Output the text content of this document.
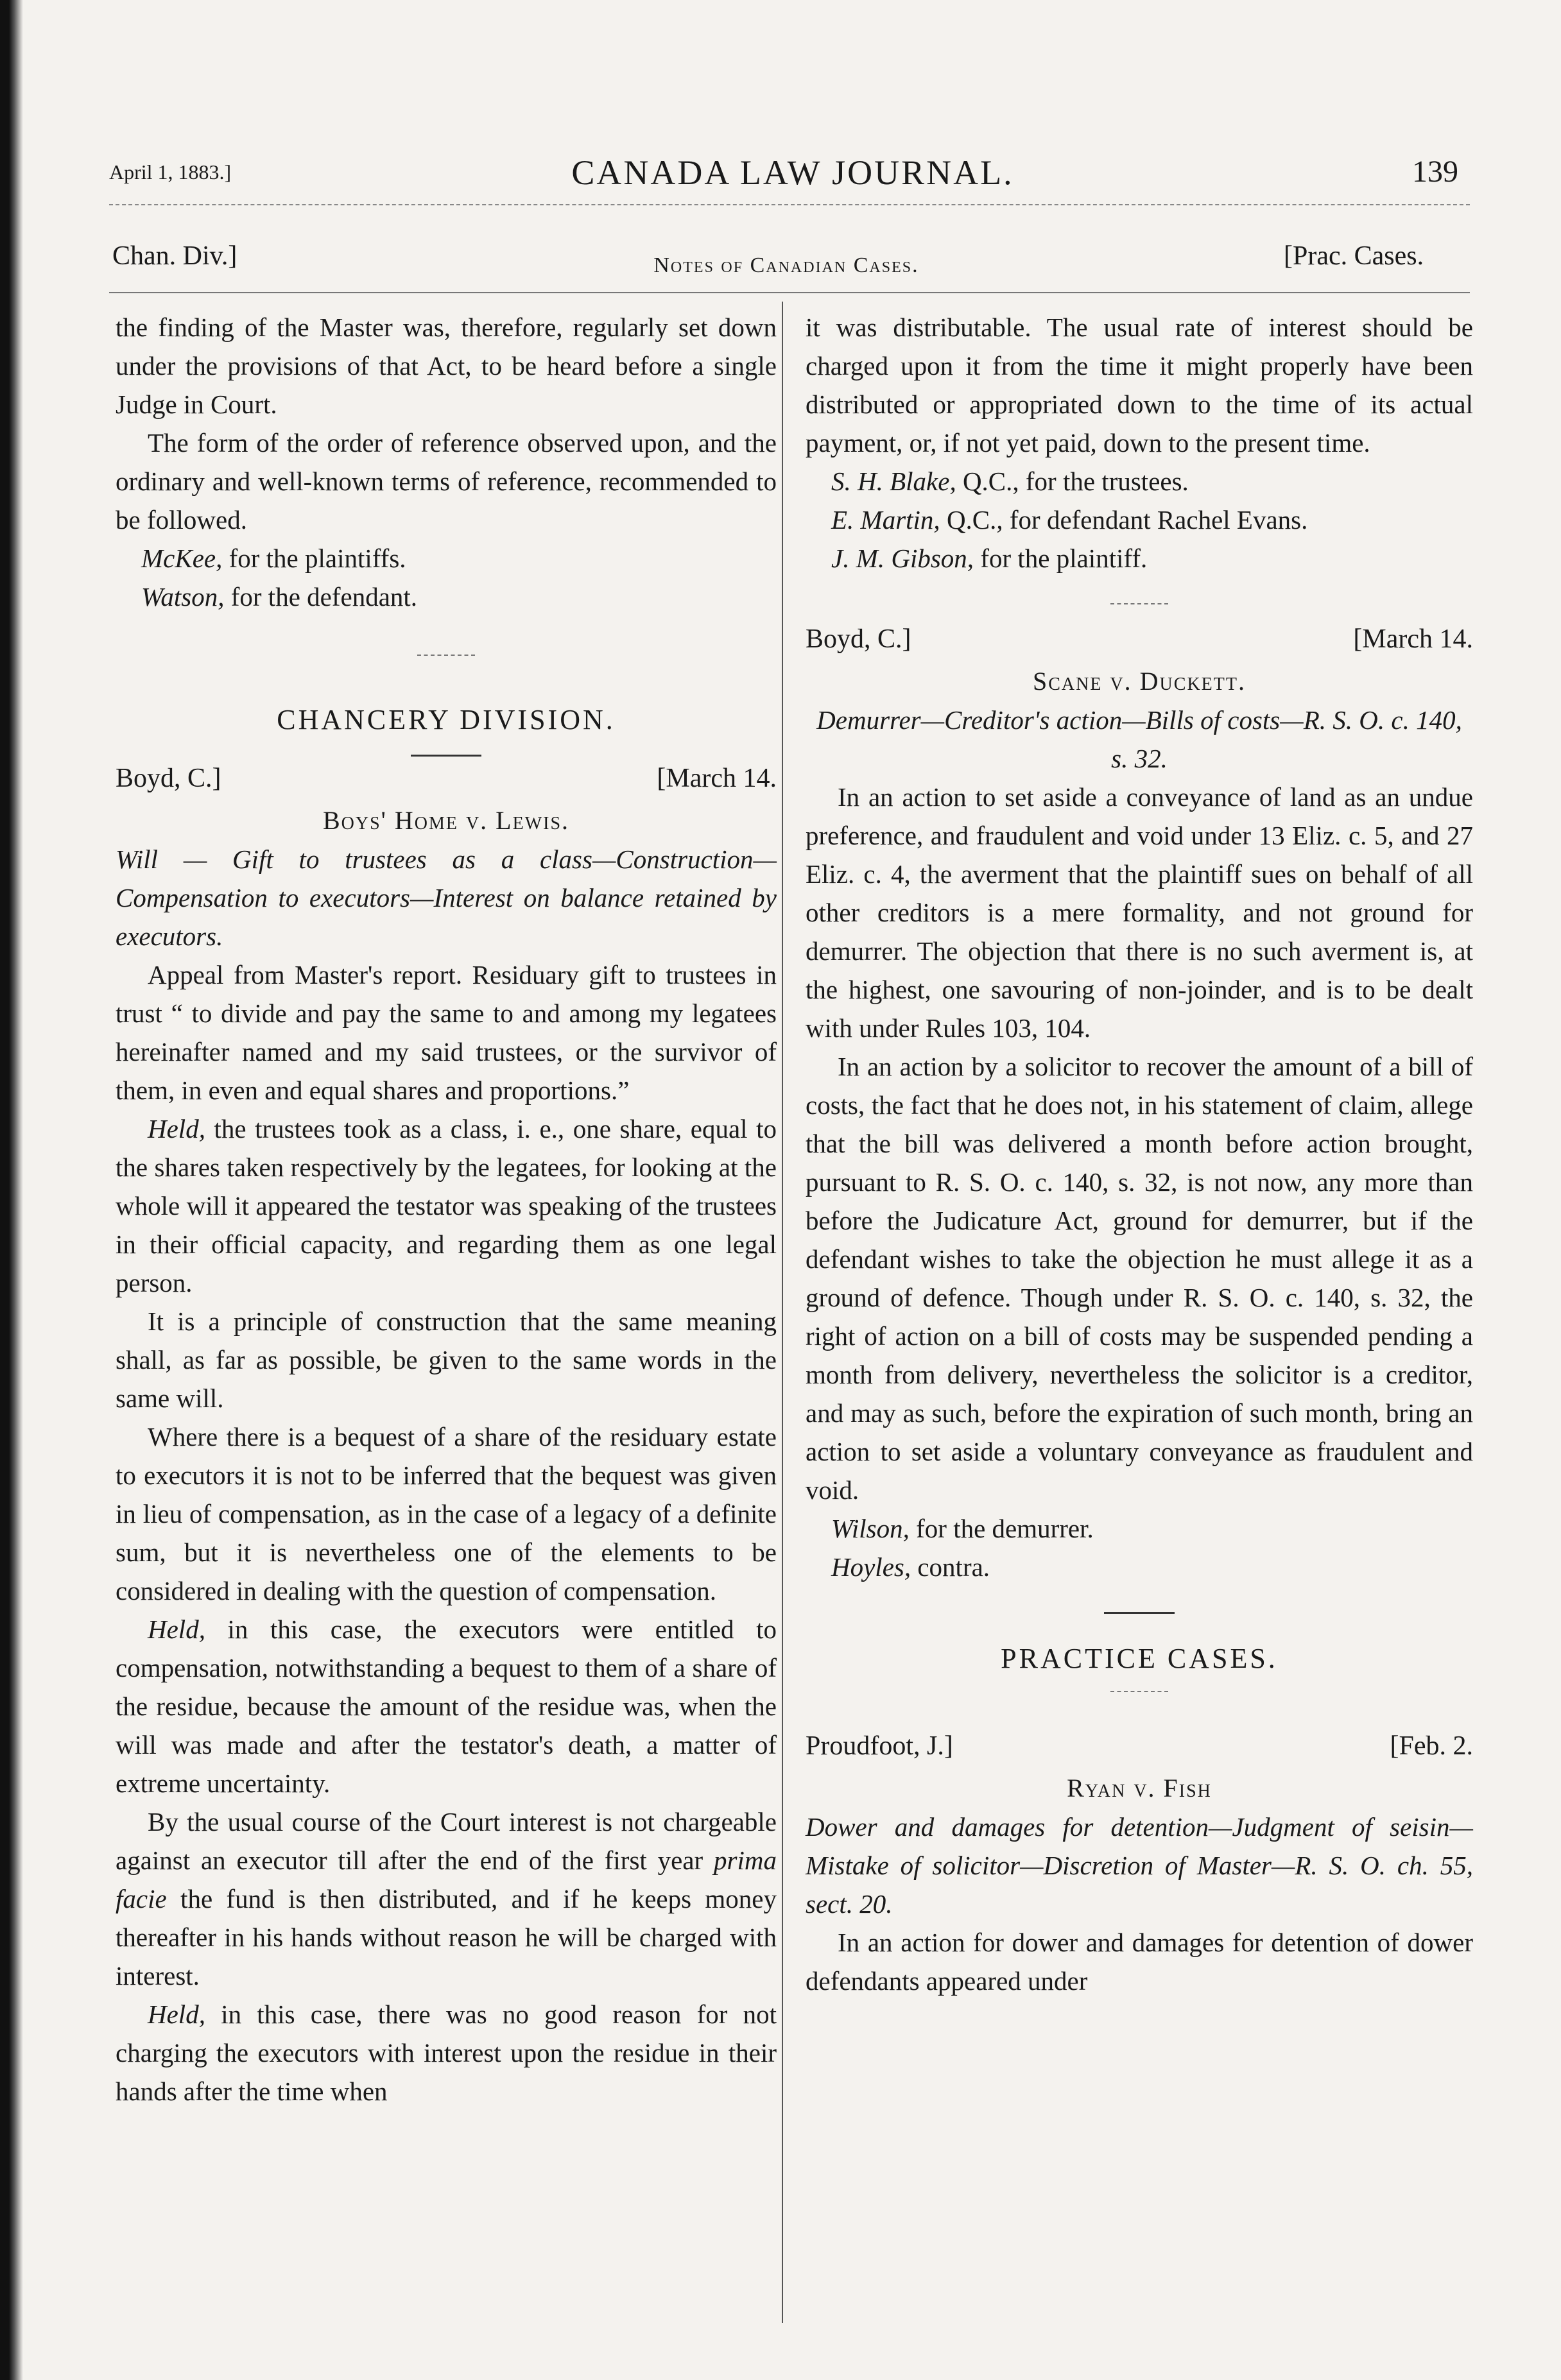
April 1, 1883.]	CANADA LAW JOURNAL.	139
Chan. Div.]	Notes of Canadian Cases.	[Prac. Cases.

the finding of the Master was, therefore, regularly set down under the provisions of that Act, to be heard before a single Judge in Court.

The form of the order of reference observed upon, and the ordinary and well-known terms of reference, recommended to be followed.

McKee, for the plaintiffs.

Watson, for the defendant.

CHANCERY DIVISION.

Boyd, C.]	[March 14.

Boys' Home v. Lewis.

Will — Gift to trustees as a class—Construction—Compensation to executors—Interest on balance retained by executors.

Appeal from Master's report. Residuary gift to trustees in trust “ to divide and pay the same to and among my legatees hereinafter named and my said trustees, or the survivor of them, in even and equal shares and proportions.”

Held, the trustees took as a class, i. e., one share, equal to the shares taken respectively by the legatees, for looking at the whole will it appeared the testator was speaking of the trustees in their official capacity, and regarding them as one legal person.

It is a principle of construction that the same meaning shall, as far as possible, be given to the same words in the same will.

Where there is a bequest of a share of the residuary estate to executors it is not to be inferred that the bequest was given in lieu of compensation, as in the case of a legacy of a definite sum, but it is nevertheless one of the elements to be considered in dealing with the question of compensation.

Held, in this case, the executors were entitled to compensation, notwithstanding a bequest to them of a share of the residue, because the amount of the residue was, when the will was made and after the testator's death, a matter of extreme uncertainty.

By the usual course of the Court interest is not chargeable against an executor till after the end of the first year prima facie the fund is then distributed, and if he keeps money thereafter in his hands without reason he will be charged with interest.

Held, in this case, there was no good reason for not charging the executors with interest upon the residue in their hands after the time when

it was distributable. The usual rate of interest should be charged upon it from the time it might properly have been distributed or appropriated down to the time of its actual payment, or, if not yet paid, down to the present time.

S. H. Blake, Q.C., for the trustees.

E. Martin, Q.C., for defendant Rachel Evans.

J. M. Gibson, for the plaintiff.

Boyd, C.]	[March 14.

Scane v. Duckett.

Demurrer—Creditor's action—Bills of costs—R. S. O. c. 140, s. 32.

In an action to set aside a conveyance of land as an undue preference, and fraudulent and void under 13 Eliz. c. 5, and 27 Eliz. c. 4, the averment that the plaintiff sues on behalf of all other creditors is a mere formality, and not ground for demurrer. The objection that there is no such averment is, at the highest, one savouring of non-joinder, and is to be dealt with under Rules 103, 104.

In an action by a solicitor to recover the amount of a bill of costs, the fact that he does not, in his statement of claim, allege that the bill was delivered a month before action brought, pursuant to R. S. O. c. 140, s. 32, is not now, any more than before the Judicature Act, ground for demurrer, but if the defendant wishes to take the objection he must allege it as a ground of defence. Though under R. S. O. c. 140, s. 32, the right of action on a bill of costs may be suspended pending a month from delivery, nevertheless the solicitor is a creditor, and may as such, before the expiration of such month, bring an action to set aside a voluntary conveyance as fraudulent and void.

Wilson, for the demurrer.

Hoyles, contra.

PRACTICE CASES.

Proudfoot, J.]	[Feb. 2.

Ryan v. Fish

Dower and damages for detention—Judgment of seisin—Mistake of solicitor—Discretion of Master—R. S. O. ch. 55, sect. 20.

In an action for dower and damages for detention of dower defendants appeared under
